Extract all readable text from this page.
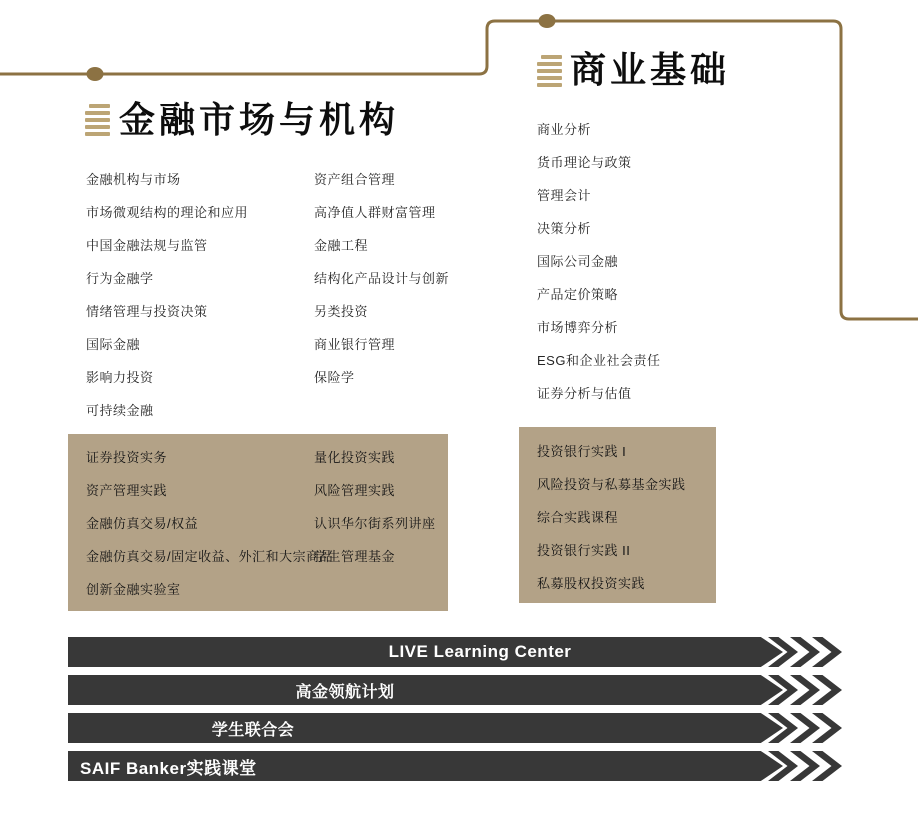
金融市场与机构
金融机构与市场
市场微观结构的理论和应用
中国金融法规与监管
行为金融学
情绪管理与投资决策
国际金融
影响力投资
可持续金融
资产组合管理
高净值人群财富管理
金融工程
结构化产品设计与创新
另类投资
商业银行管理
保险学
证券投资实务
资产管理实践
金融仿真交易/权益
金融仿真交易/固定收益、外汇和大宗商品
创新金融实验室
量化投资实践
风险管理实践
认识华尔街系列讲座
学生管理基金
商业基础
商业分析
货币理论与政策
管理会计
决策分析
国际公司金融
产品定价策略
市场博弈分析
ESG和企业社会责任
证券分析与估值
投资银行实践 I
风险投资与私募基金实践
综合实践课程
投资银行实践 II
私募股权投资实践
LIVE Learning Center
高金领航计划
学生联合会
SAIF Banker实践课堂
